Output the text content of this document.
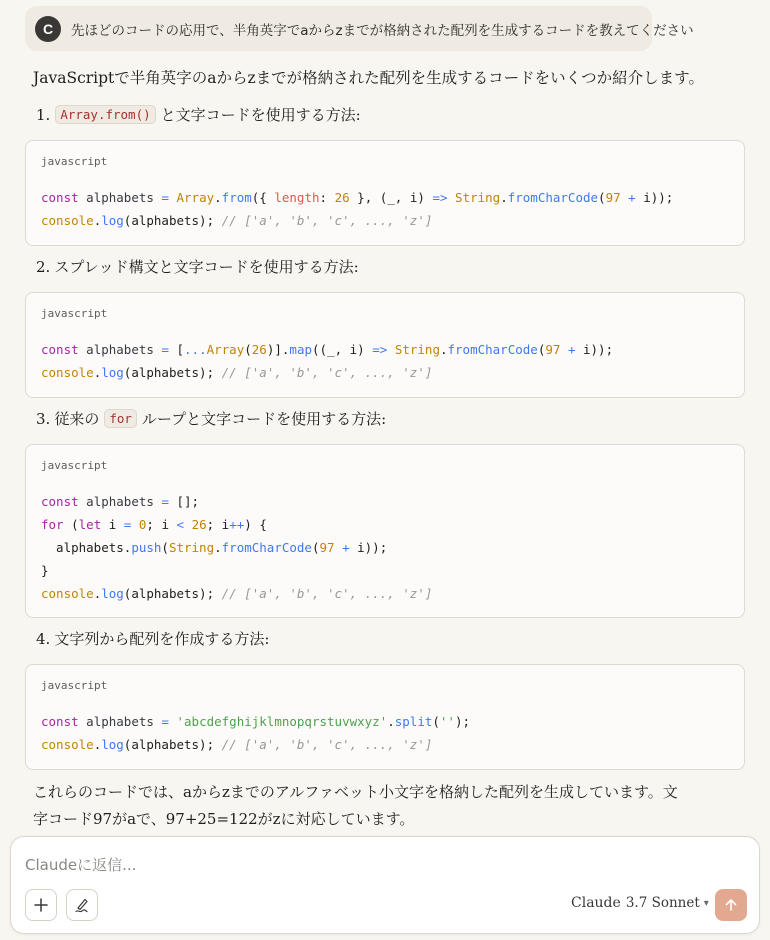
C	先ほどのコードの応用で、半角英字でaからzまでが格納された配列を生成するコードを教えてください
JavaScriptで半角英字のaからzまでが格納された配列を生成するコードをいくつか紹介します。
1. Array.from() と文字コードを使用する方法:
javascript
const alphabets = Array.from({ length: 26 }, (_, i) => String.fromCharCode(97 + i));
console.log(alphabets); // ['a', 'b', 'c', ..., 'z']
2. スプレッド構文と文字コードを使用する方法:
javascript
const alphabets = [...Array(26)].map((_, i) => String.fromCharCode(97 + i));
console.log(alphabets); // ['a', 'b', 'c', ..., 'z']
3. 従来の for ループと文字コードを使用する方法:
javascript
const alphabets = [];
for (let i = 0; i < 26; i++) {
alphabets.push(String.fromCharCode(97 + i));
}
console.log(alphabets); // ['a', 'b', 'c', ..., 'z']
4. 文字列から配列を作成する方法:
javascript
const alphabets = 'abcdefghijklmnopqrstuvwxyz'.split('');
console.log(alphabets); // ['a', 'b', 'c', ..., 'z']
これらのコードでは、aからzまでのアルファベット小文字を格納した配列を生成しています。文
字コード97がaで、97+25=122がzに対応しています。
Claudeに返信...
Claude 3.7 Sonnet ▾
